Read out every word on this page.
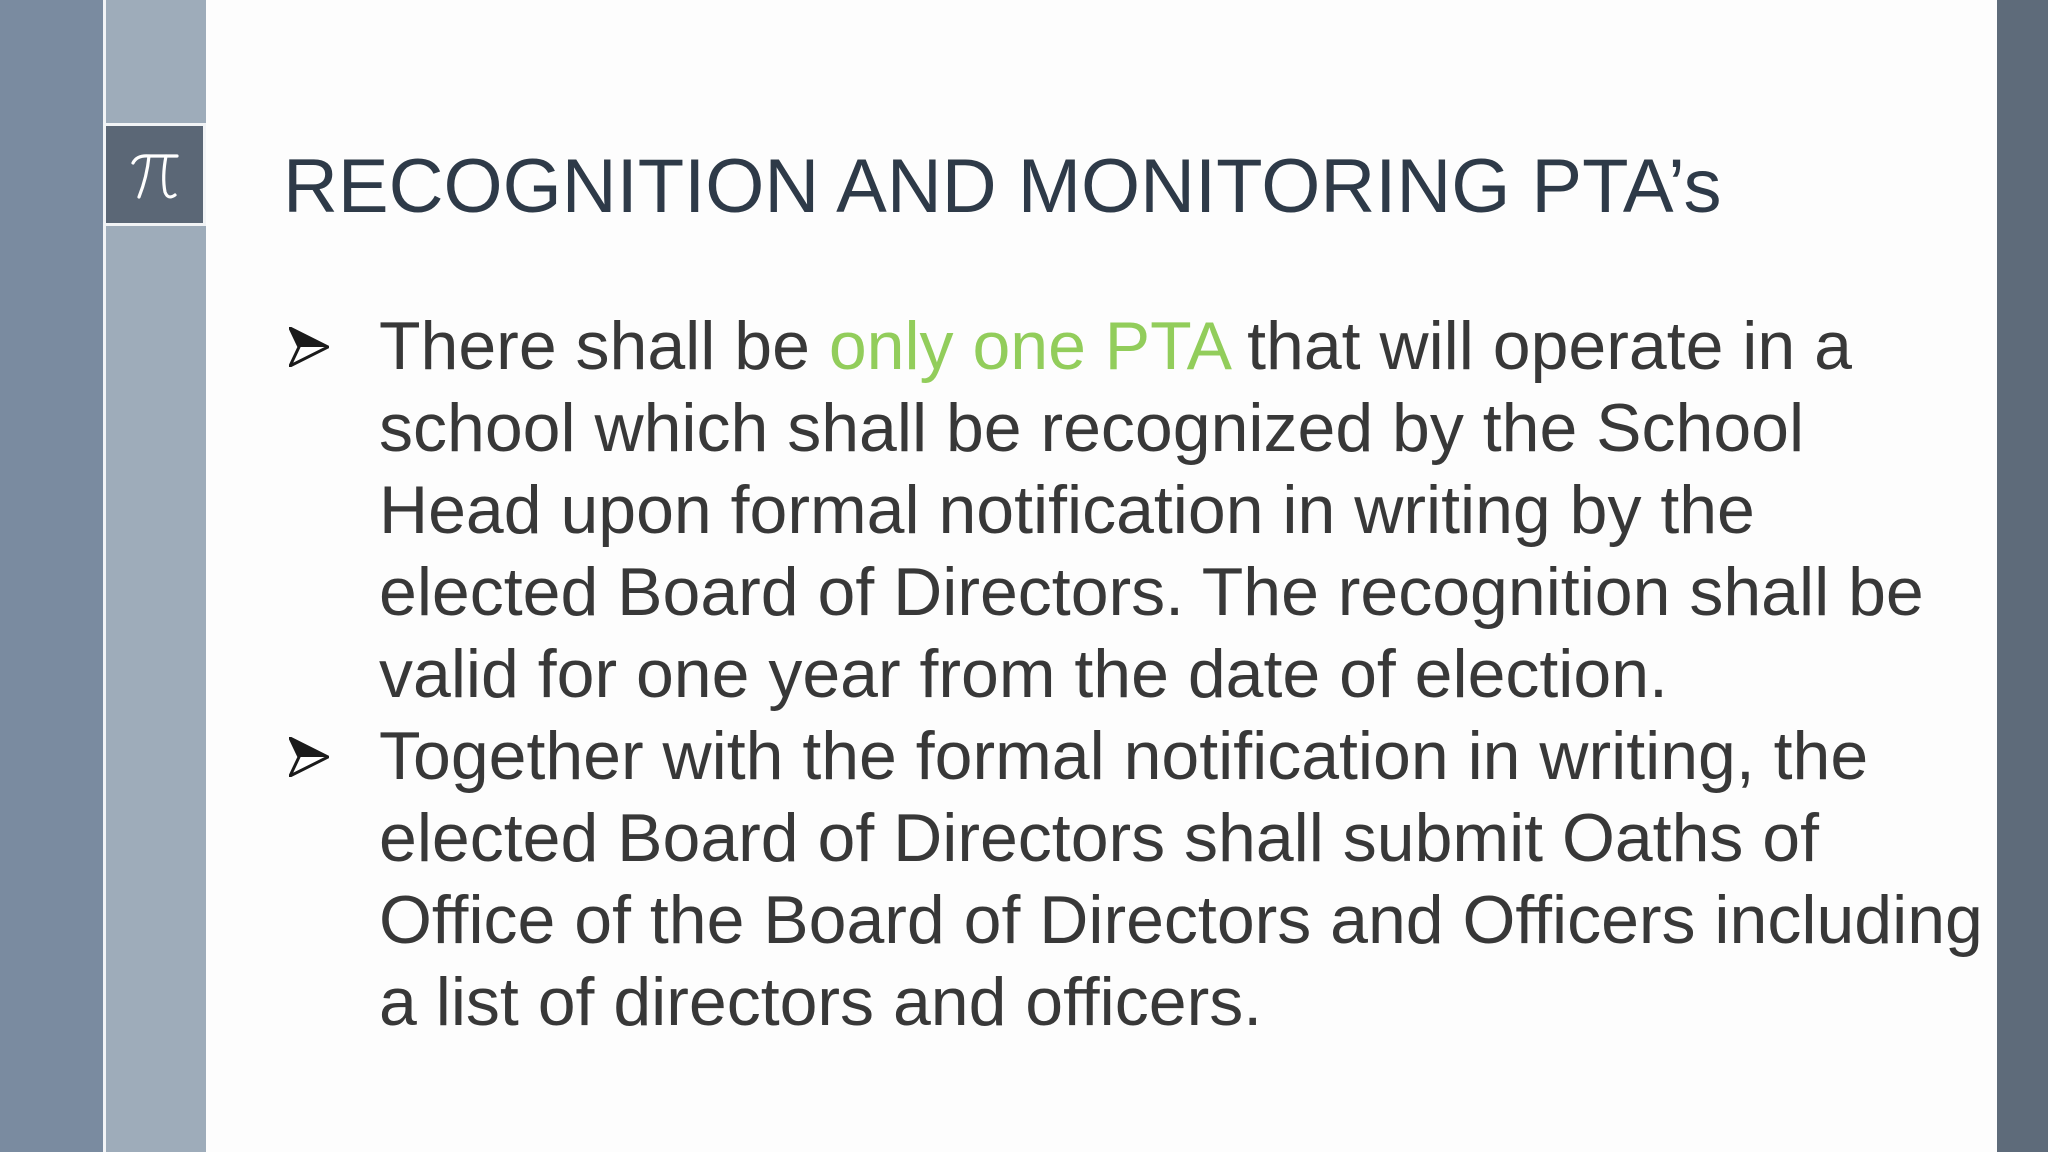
RECOGNITION AND MONITORING PTA’s
There shall be only one PTA that will operate in a school which shall be recognized by the School Head upon formal notification in writing by the elected Board of Directors. The recognition shall be valid for one year from the date of election.
Together with the formal notification in writing, the elected Board of Directors shall submit Oaths of Office of the Board of Directors and Officers including a list of directors and officers.
